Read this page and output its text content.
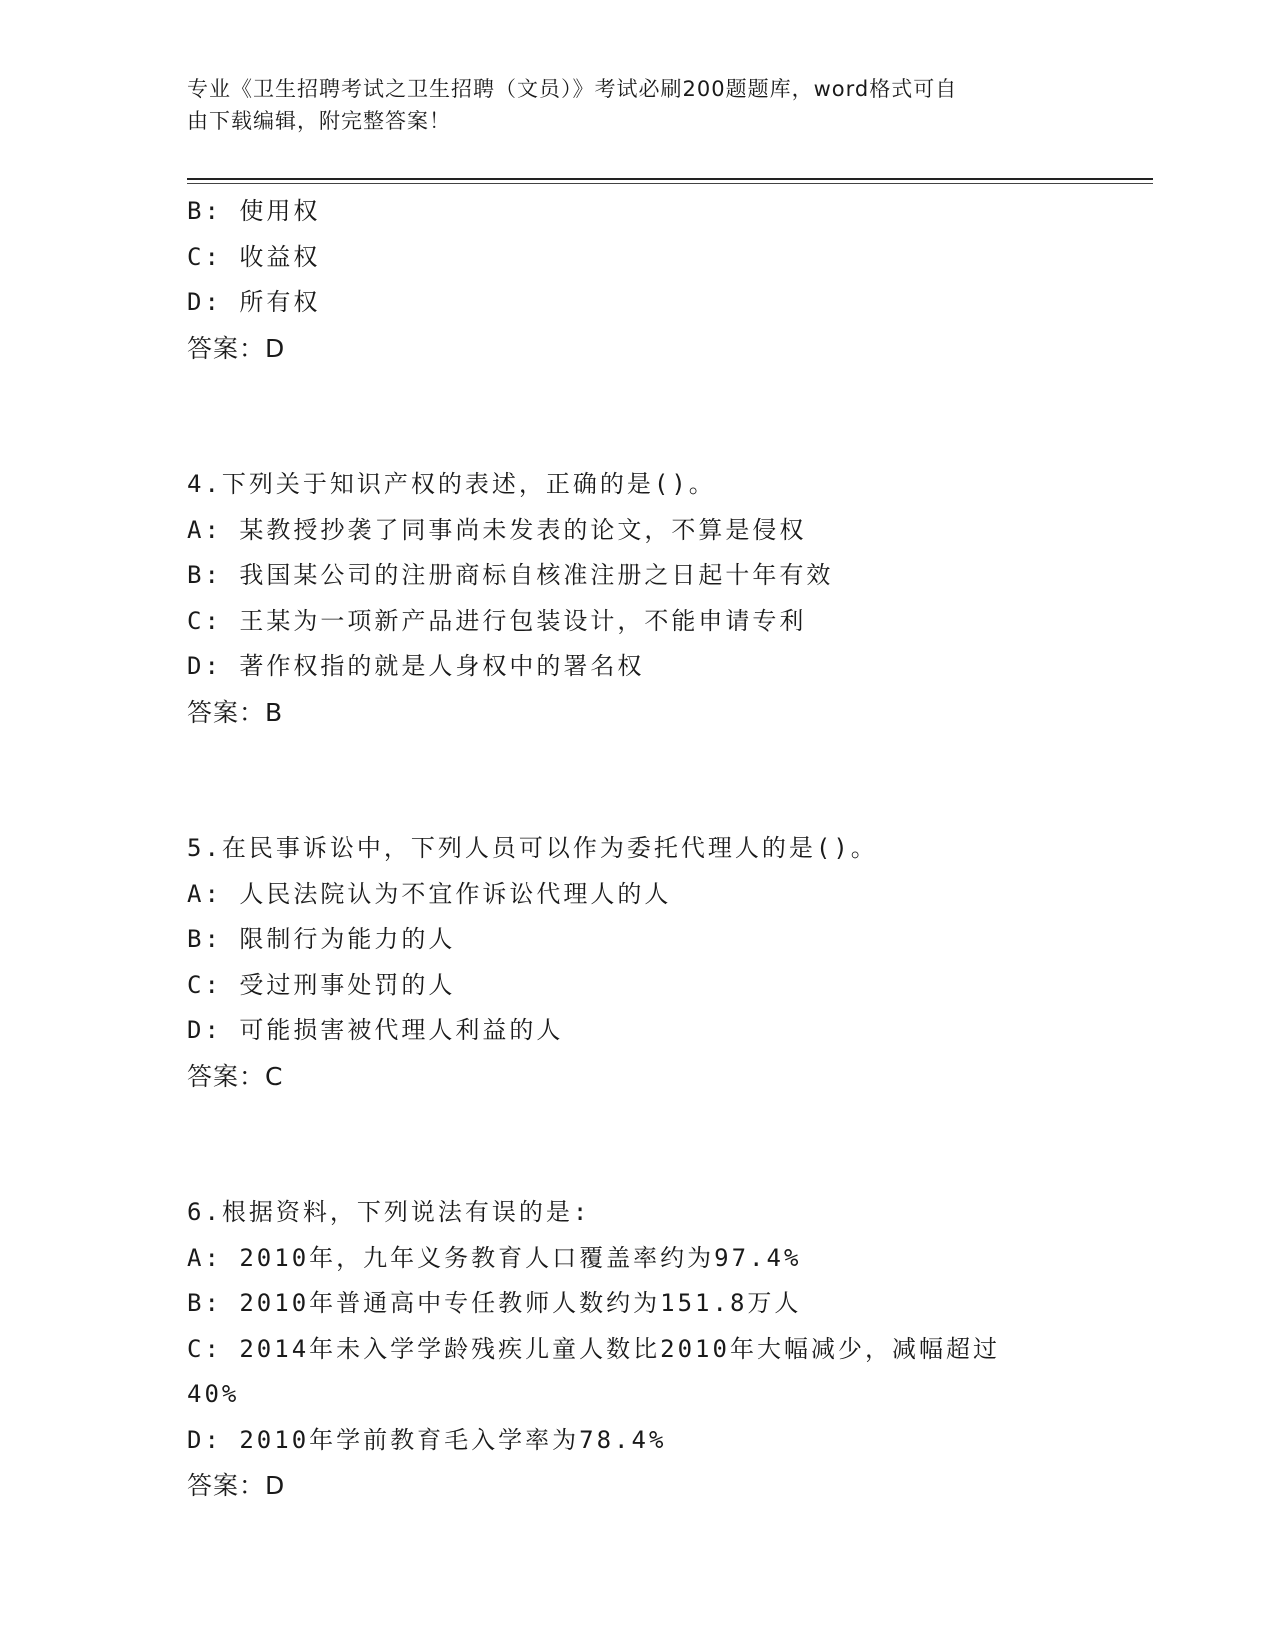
专业《卫生招聘考试之卫生招聘（文员）》考试必刷200题题库，word格式可自
由下载编辑，附完整答案！
B: 使用权
C: 收益权
D: 所有权
答案：D
4.下列关于知识产权的表述，正确的是()。
A: 某教授抄袭了同事尚未发表的论文，不算是侵权
B: 我国某公司的注册商标自核准注册之日起十年有效
C: 王某为一项新产品进行包装设计，不能申请专利
D: 著作权指的就是人身权中的署名权
答案：B
5.在民事诉讼中，下列人员可以作为委托代理人的是()。
A: 人民法院认为不宜作诉讼代理人的人
B: 限制行为能力的人
C: 受过刑事处罚的人
D: 可能损害被代理人利益的人
答案：C
6.根据资料，下列说法有误的是:
A: 2010年，九年义务教育人口覆盖率约为97.4%
B: 2010年普通高中专任教师人数约为151.8万人
C: 2014年未入学学龄残疾儿童人数比2010年大幅减少，减幅超过40%
D: 2010年学前教育毛入学率为78.4%
答案：D
